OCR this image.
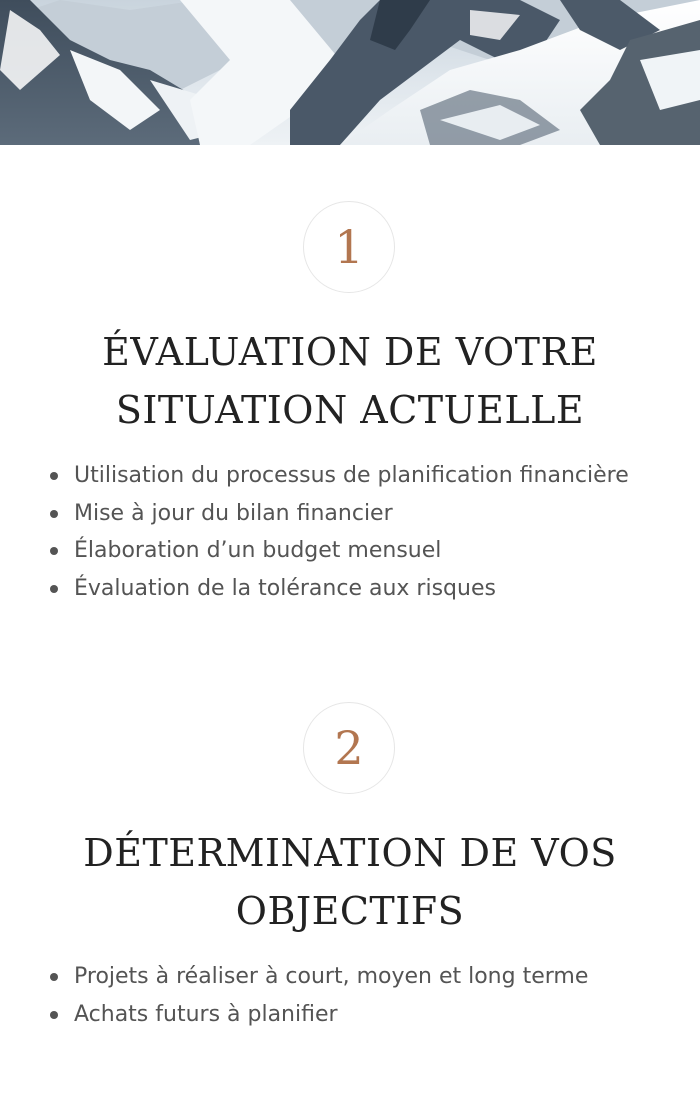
1
ÉVALUATION DE VOTRE
SITUATION ACTUELLE
Utilisation du processus de planification financière
Mise à jour du bilan financier
Élaboration d’un budget mensuel
Évaluation de la tolérance aux risques
2
DÉTERMINATION DE VOS
OBJECTIFS
Projets à réaliser à court, moyen et long terme
Achats futurs à planifier
